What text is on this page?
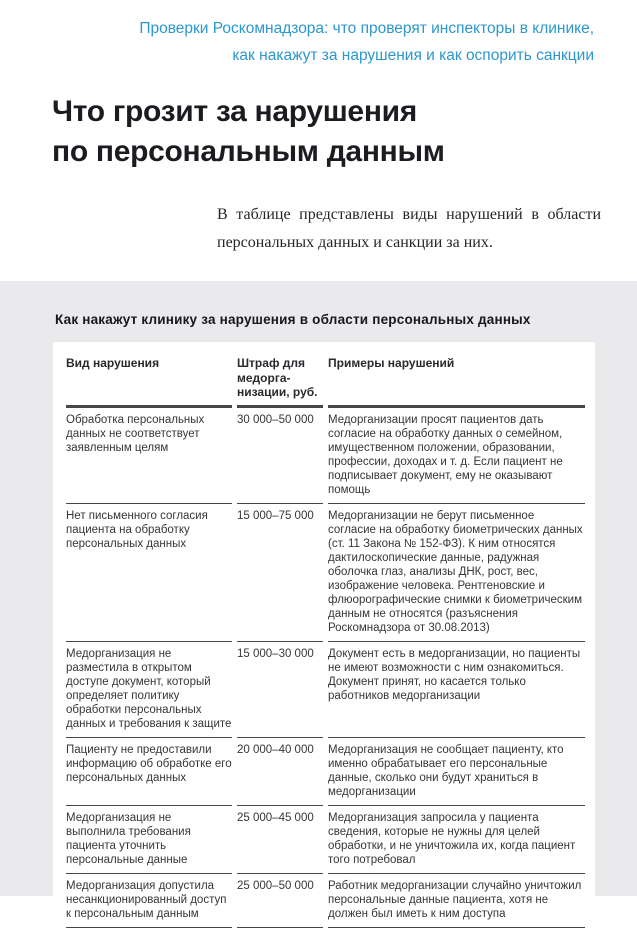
Проверки Роскомнадзора: что проверят инспекторы в клинике,
как накажут за нарушения и как оспорить санкции
Что грозит за нарушения
по персональным данным

В таблице представлены виды нарушений в области персональных данных и санкции за них.

Как накажут клинику за нарушения в области персональных данных
Вид нарушения	Штраф для медорганизации, руб.	Примеры нарушений
Обработка персональных данных не соответствует заявленным целям	30 000–50 000	Медорганизации просят пациентов дать согласие на обработку данных о семейном, имущественном положении, образовании, профессии, доходах и т. д. Если пациент не подписывает документ, ему не оказывают помощь
Нет письменного согласия пациента на обработку персональных данных	15 000–75 000	Медорганизации не берут письменное согласие на обработку биометрических данных (ст. 11 Закона № 152-ФЗ). К ним относятся дактилоскопические данные, радужная оболочка глаз, анализы ДНК, рост, вес, изображение человека. Рентгеновские и флюорографические снимки к биометрическим данным не относятся (разъяснения Роскомнадзора от 30.08.2013)
Медорганизация не разместила в открытом доступе документ, который определяет политику обработки персональных данных и требования к защите	15 000–30 000	Документ есть в медорганизации, но пациенты не имеют возможности с ним ознакомиться. Документ принят, но касается только работников медорганизации
Пациенту не предоставили информацию об обработке его персональных данных	20 000–40 000	Медорганизация не сообщает пациенту, кто именно обрабатывает его персональные данные, сколько они будут храниться в медорганизации
Медорганизация не выполнила требования пациента уточнить персональные данные	25 000–45 000	Медорганизация запросила у пациента сведения, которые не нужны для целей обработки, и не уничтожила их, когда пациент того потребовал
Медорганизация допустила несанкционированный доступ к персональным данным	25 000–50 000	Работник медорганизации случайно уничтожил персональные данные пациента, хотя не должен был иметь к ним доступа
